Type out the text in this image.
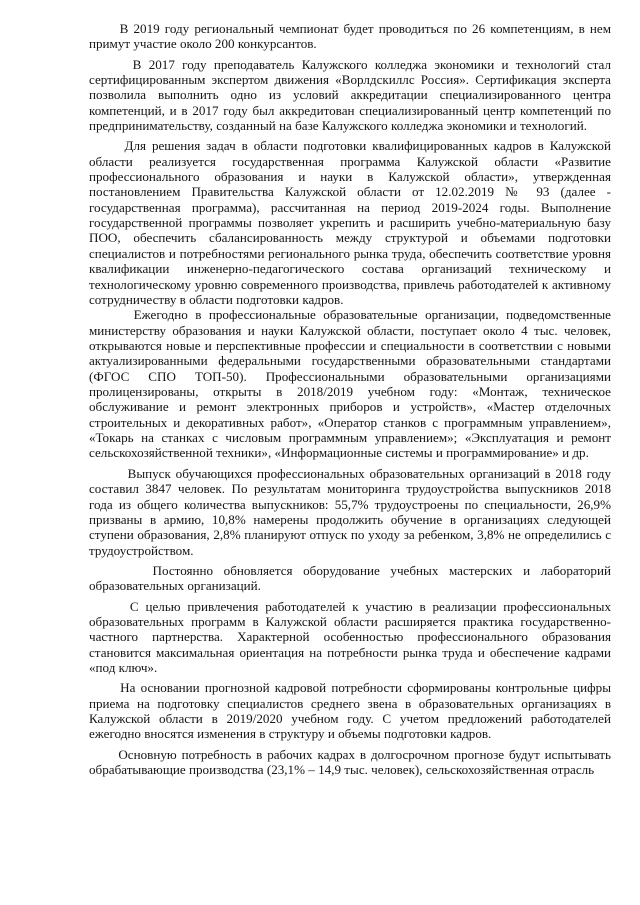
В 2019 году региональный чемпионат будет проводиться по 26 компетенциям, в нем примут участие около 200 конкурсантов.

В 2017 году преподаватель Калужского колледжа экономики и технологий стал сертифицированным экспертом движения «Ворлдскиллс Россия». Сертификация эксперта позволила выполнить одно из условий аккредитации специализированного центра компетенций, и в 2017 году был аккредитован специализированный центр компетенций по предпринимательству, созданный на базе Калужского колледжа экономики и технологий.

Для решения задач в области подготовки квалифицированных кадров в Калужской области реализуется государственная программа Калужской области «Развитие профессионального образования и науки в Калужской области», утвержденная постановлением Правительства Калужской области от 12.02.2019 № 93 (далее - государственная программа), рассчитанная на период 2019-2024 годы. Выполнение государственной программы позволяет укрепить и расширить учебно-материальную базу ПОО, обеспечить сбалансированность между структурой и объемами подготовки специалистов и потребностями регионального рынка труда, обеспечить соответствие уровня квалификации инженерно-педагогического состава организаций техническому и технологическому уровню современного производства, привлечь работодателей к активному сотрудничеству в области подготовки кадров.

Ежегодно в профессиональные образовательные организации, подведомственные министерству образования и науки Калужской области, поступает около 4 тыс. человек, открываются новые и перспективные профессии и специальности в соответствии с новыми актуализированными федеральными государственными образовательными стандартами (ФГОС СПО ТОП-50). Профессиональными образовательными организациями пролицензированы, открыты в 2018/2019 учебном году: «Монтаж, техническое обслуживание и ремонт электронных приборов и устройств», «Мастер отделочных строительных и декоративных работ», «Оператор станков с программным управлением», «Токарь на станках с числовым программным управлением»; «Эксплуатация и ремонт сельскохозяйственной техники», «Информационные системы и программирование» и др.

Выпуск обучающихся профессиональных образовательных организаций в 2018 году составил 3847 человек. По результатам мониторинга трудоустройства выпускников 2018 года из общего количества выпускников: 55,7% трудоустроены по специальности, 26,9% призваны в армию, 10,8% намерены продолжить обучение в организациях следующей ступени образования, 2,8% планируют отпуск по уходу за ребенком, 3,8% не определились с трудоустройством.

Постоянно обновляется оборудование учебных мастерских и лабораторий образовательных организаций.

С целью привлечения работодателей к участию в реализации профессиональных образовательных программ в Калужской области расширяется практика государственно-частного партнерства. Характерной особенностью профессионального образования становится максимальная ориентация на потребности рынка труда и обеспечение кадрами «под ключ».

На основании прогнозной кадровой потребности сформированы контрольные цифры приема на подготовку специалистов среднего звена в образовательных организациях в Калужской области в 2019/2020 учебном году. С учетом предложений работодателей ежегодно вносятся изменения в структуру и объемы подготовки кадров.

Основную потребность в рабочих кадрах в долгосрочном прогнозе будут испытывать обрабатывающие производства (23,1% – 14,9 тыс. человек), сельскохозяйственная отрасль
